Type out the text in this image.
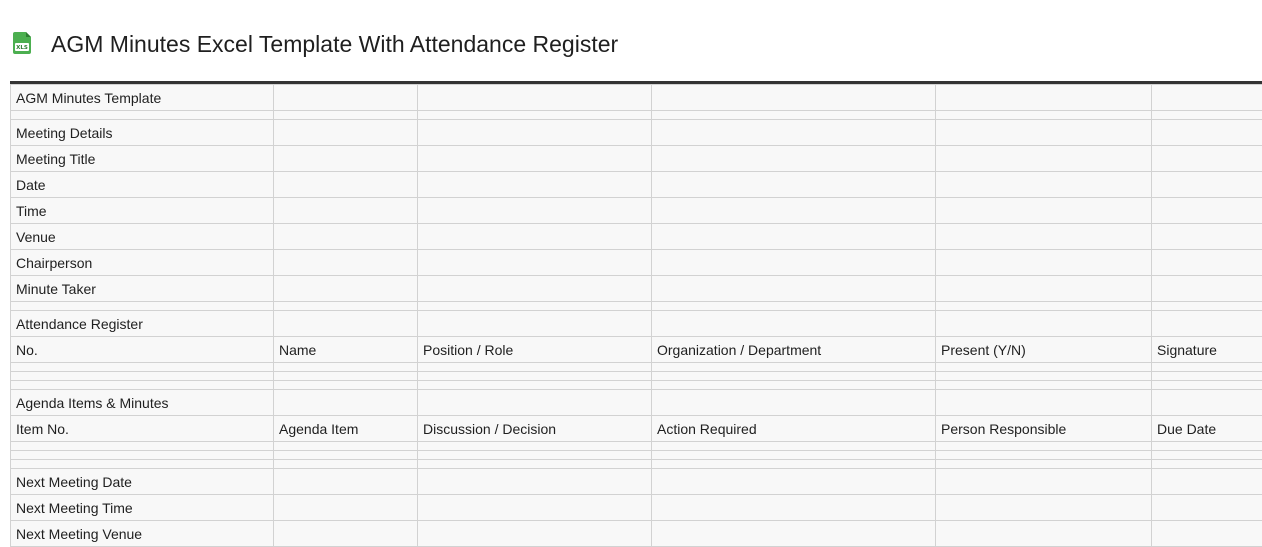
XLS AGM Minutes Excel Template With Attendance Register
AGM Minutes Template					

Meeting Details					
Meeting Title					
Date					
Time					
Venue					
Chairperson					
Minute Taker					

Attendance Register					
No.	Name	Position / Role	Organization / Department	Present (Y/N)	Signature

Agenda Items & Minutes					
Item No.	Agenda Item	Discussion / Decision	Action Required	Person Responsible	Due Date

Next Meeting Date					
Next Meeting Time					
Next Meeting Venue					
